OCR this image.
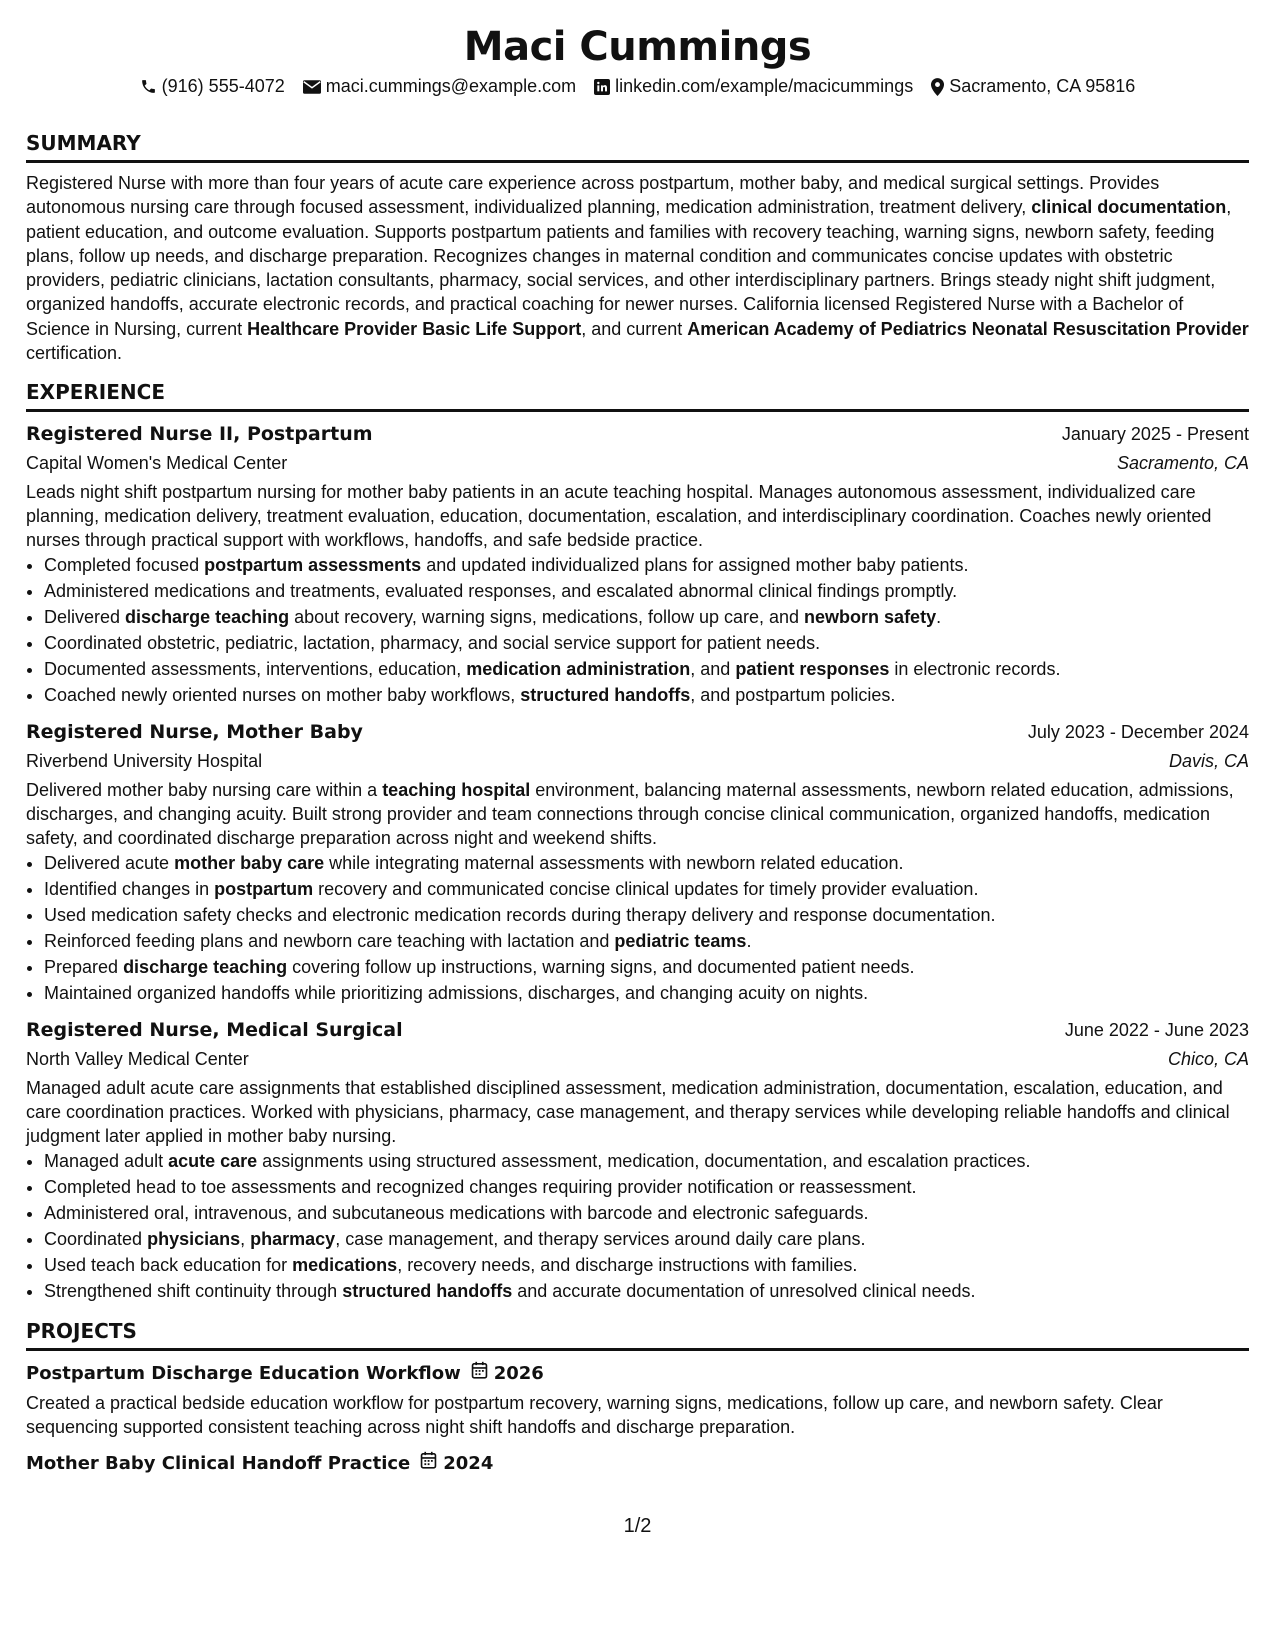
Maci Cummings
(916) 555-4072 maci.cummings@example.com linkedin.com/example/macicummings Sacramento, CA 95816
SUMMARY

Registered Nurse with more than four years of acute care experience across postpartum, mother baby, and medical surgical settings. Provides autonomous nursing care through focused assessment, individualized planning, medication administration, treatment delivery, clinical documentation, patient education, and outcome evaluation. Supports postpartum patients and families with recovery teaching, warning signs, newborn safety, feeding plans, follow up needs, and discharge preparation. Recognizes changes in maternal condition and communicates concise updates with obstetric providers, pediatric clinicians, lactation consultants, pharmacy, social services, and other interdisciplinary partners. Brings steady night shift judgment, organized handoffs, accurate electronic records, and practical coaching for newer nurses. California licensed Registered Nurse with a Bachelor of Science in Nursing, current Healthcare Provider Basic Life Support, and current American Academy of Pediatrics Neonatal Resuscitation Provider certification.

EXPERIENCE
Registered Nurse II, Postpartum	January 2025 - Present
Capital Women's Medical Center	Sacramento, CA

Leads night shift postpartum nursing for mother baby patients in an acute teaching hospital. Manages autonomous assessment, individualized care planning, medication delivery, treatment evaluation, education, documentation, escalation, and interdisciplinary coordination. Coaches newly oriented nurses through practical support with workflows, handoffs, and safe bedside practice.

• Completed focused postpartum assessments and updated individualized plans for assigned mother baby patients.
• Administered medications and treatments, evaluated responses, and escalated abnormal clinical findings promptly.
• Delivered discharge teaching about recovery, warning signs, medications, follow up care, and newborn safety.
• Coordinated obstetric, pediatric, lactation, pharmacy, and social service support for patient needs.
• Documented assessments, interventions, education, medication administration, and patient responses in electronic records.
• Coached newly oriented nurses on mother baby workflows, structured handoffs, and postpartum policies.
Registered Nurse, Mother Baby	July 2023 - December 2024
Riverbend University Hospital	Davis, CA

Delivered mother baby nursing care within a teaching hospital environment, balancing maternal assessments, newborn related education, admissions, discharges, and changing acuity. Built strong provider and team connections through concise clinical communication, organized handoffs, medication safety, and coordinated discharge preparation across night and weekend shifts.

• Delivered acute mother baby care while integrating maternal assessments with newborn related education.
• Identified changes in postpartum recovery and communicated concise clinical updates for timely provider evaluation.
• Used medication safety checks and electronic medication records during therapy delivery and response documentation.
• Reinforced feeding plans and newborn care teaching with lactation and pediatric teams.
• Prepared discharge teaching covering follow up instructions, warning signs, and documented patient needs.
• Maintained organized handoffs while prioritizing admissions, discharges, and changing acuity on nights.
Registered Nurse, Medical Surgical	June 2022 - June 2023
North Valley Medical Center	Chico, CA

Managed adult acute care assignments that established disciplined assessment, medication administration, documentation, escalation, education, and care coordination practices. Worked with physicians, pharmacy, case management, and therapy services while developing reliable handoffs and clinical judgment later applied in mother baby nursing.

• Managed adult acute care assignments using structured assessment, medication, documentation, and escalation practices.
• Completed head to toe assessments and recognized changes requiring provider notification or reassessment.
• Administered oral, intravenous, and subcutaneous medications with barcode and electronic safeguards.
• Coordinated physicians, pharmacy, case management, and therapy services around daily care plans.
• Used teach back education for medications, recovery needs, and discharge instructions with families.
• Strengthened shift continuity through structured handoffs and accurate documentation of unresolved clinical needs.
PROJECTS
Postpartum Discharge Education Workflow 2026

Created a practical bedside education workflow for postpartum recovery, warning signs, medications, follow up care, and newborn safety. Clear sequencing supported consistent teaching across night shift handoffs and discharge preparation.

Mother Baby Clinical Handoff Practice 2024
1/2
